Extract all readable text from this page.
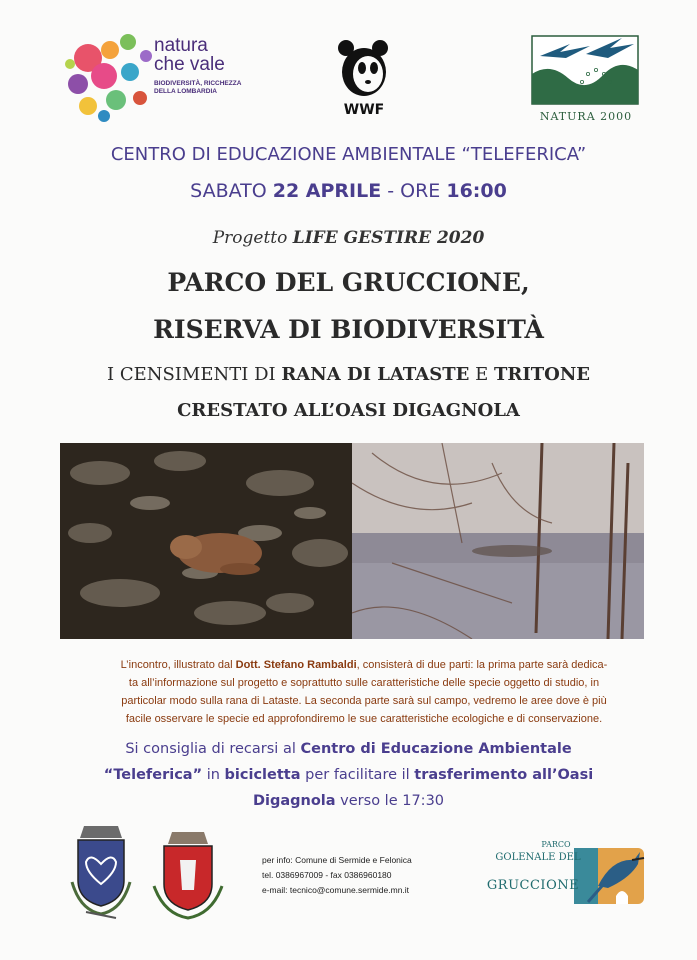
natura
che vale
BIODIVERSITÀ, RICCHEZZA
DELLA LOMBARDIA
WWF	NATURA 2000
CENTRO DI EDUCAZIONE AMBIENTALE “TELEFERICA”
SABATO 22 APRILE - ORE 16:00
Progetto LIFE GESTIRE 2020
PARCO DEL GRUCCIONE,
RISERVA DI BIODIVERSITÀ
I CENSIMENTI DI RANA DI LATASTE E TRITONE
CRESTATO ALL’OASI DIGAGNOLA
L’incontro, illustrato dal Dott. Stefano Rambaldi, consisterà di due parti: la prima parte sarà dedica-
ta all’informazione sul progetto e soprattutto sulle caratteristiche delle specie oggetto di studio, in
particolar modo sulla rana di Lataste. La seconda parte sarà sul campo, vedremo le aree dove è più
facile osservare le specie ed approfondiremo le sue caratteristiche ecologiche e di conservazione.
Si consiglia di recarsi al Centro di Educazione Ambientale
“Teleferica” in bicicletta per facilitare il trasferimento all’Oasi
Digagnola verso le 17:30
per info: Comune di Sermide e Felonica
tel. 0386967009 - fax 0386960180
e-mail: tecnico@comune.sermide.mn.it
PARCO
GOLENALE DEL
GRUCCIONE
